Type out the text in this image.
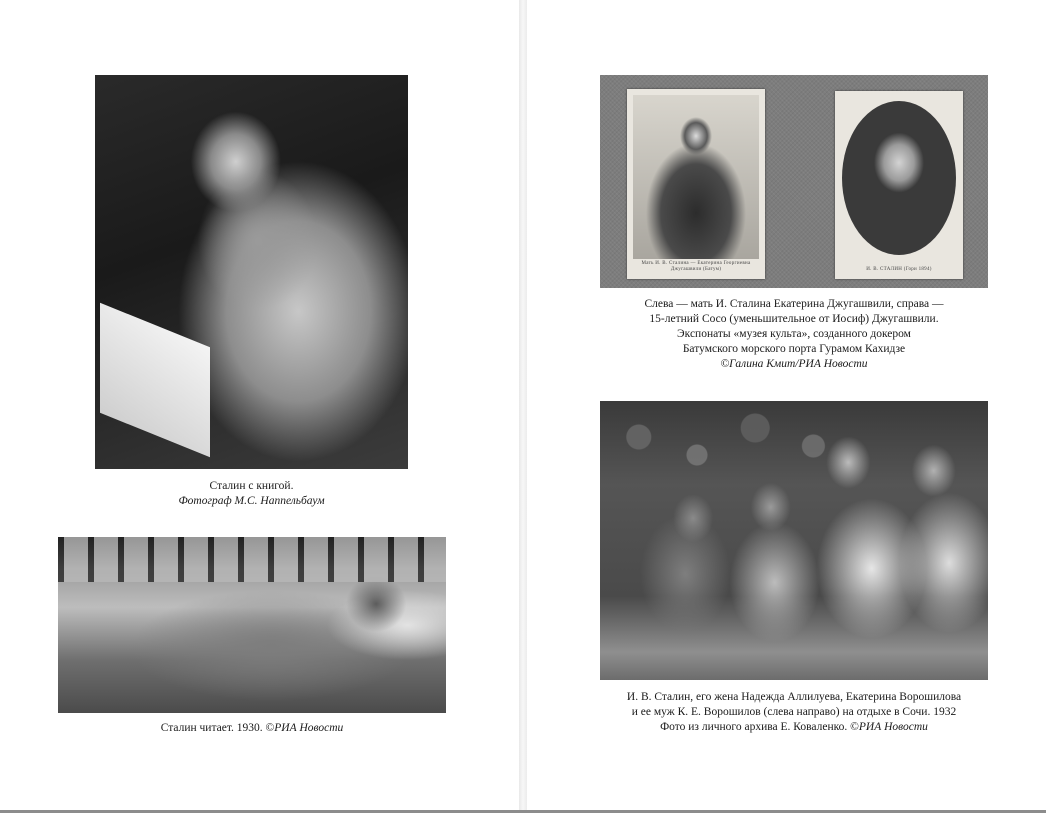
Сталин с книгой.
Фотограф М.С. Наппельбаум
Сталин читает. 1930. ©РИА Новости
Мать И. В. Сталина — Екатерина Георгиевна Джугашвили (Батум)	И. В. СТАЛИН (Гори 1894)
Слева — мать И. Сталина Екатерина Джугашвили, справа —
15-летний Сосо (уменьшительное от Иосиф) Джугашвили.
Экспонаты «музея культа», созданного докером
Батумского морского порта Гурамом Кахидзе
©Галина Кмит/РИА Новости
И. В. Сталин, его жена Надежда Аллилуева, Екатерина Ворошилова
и ее муж К. Е. Ворошилов (слева направо) на отдыхе в Сочи. 1932
Фото из личного архива Е. Коваленко. ©РИА Новости
